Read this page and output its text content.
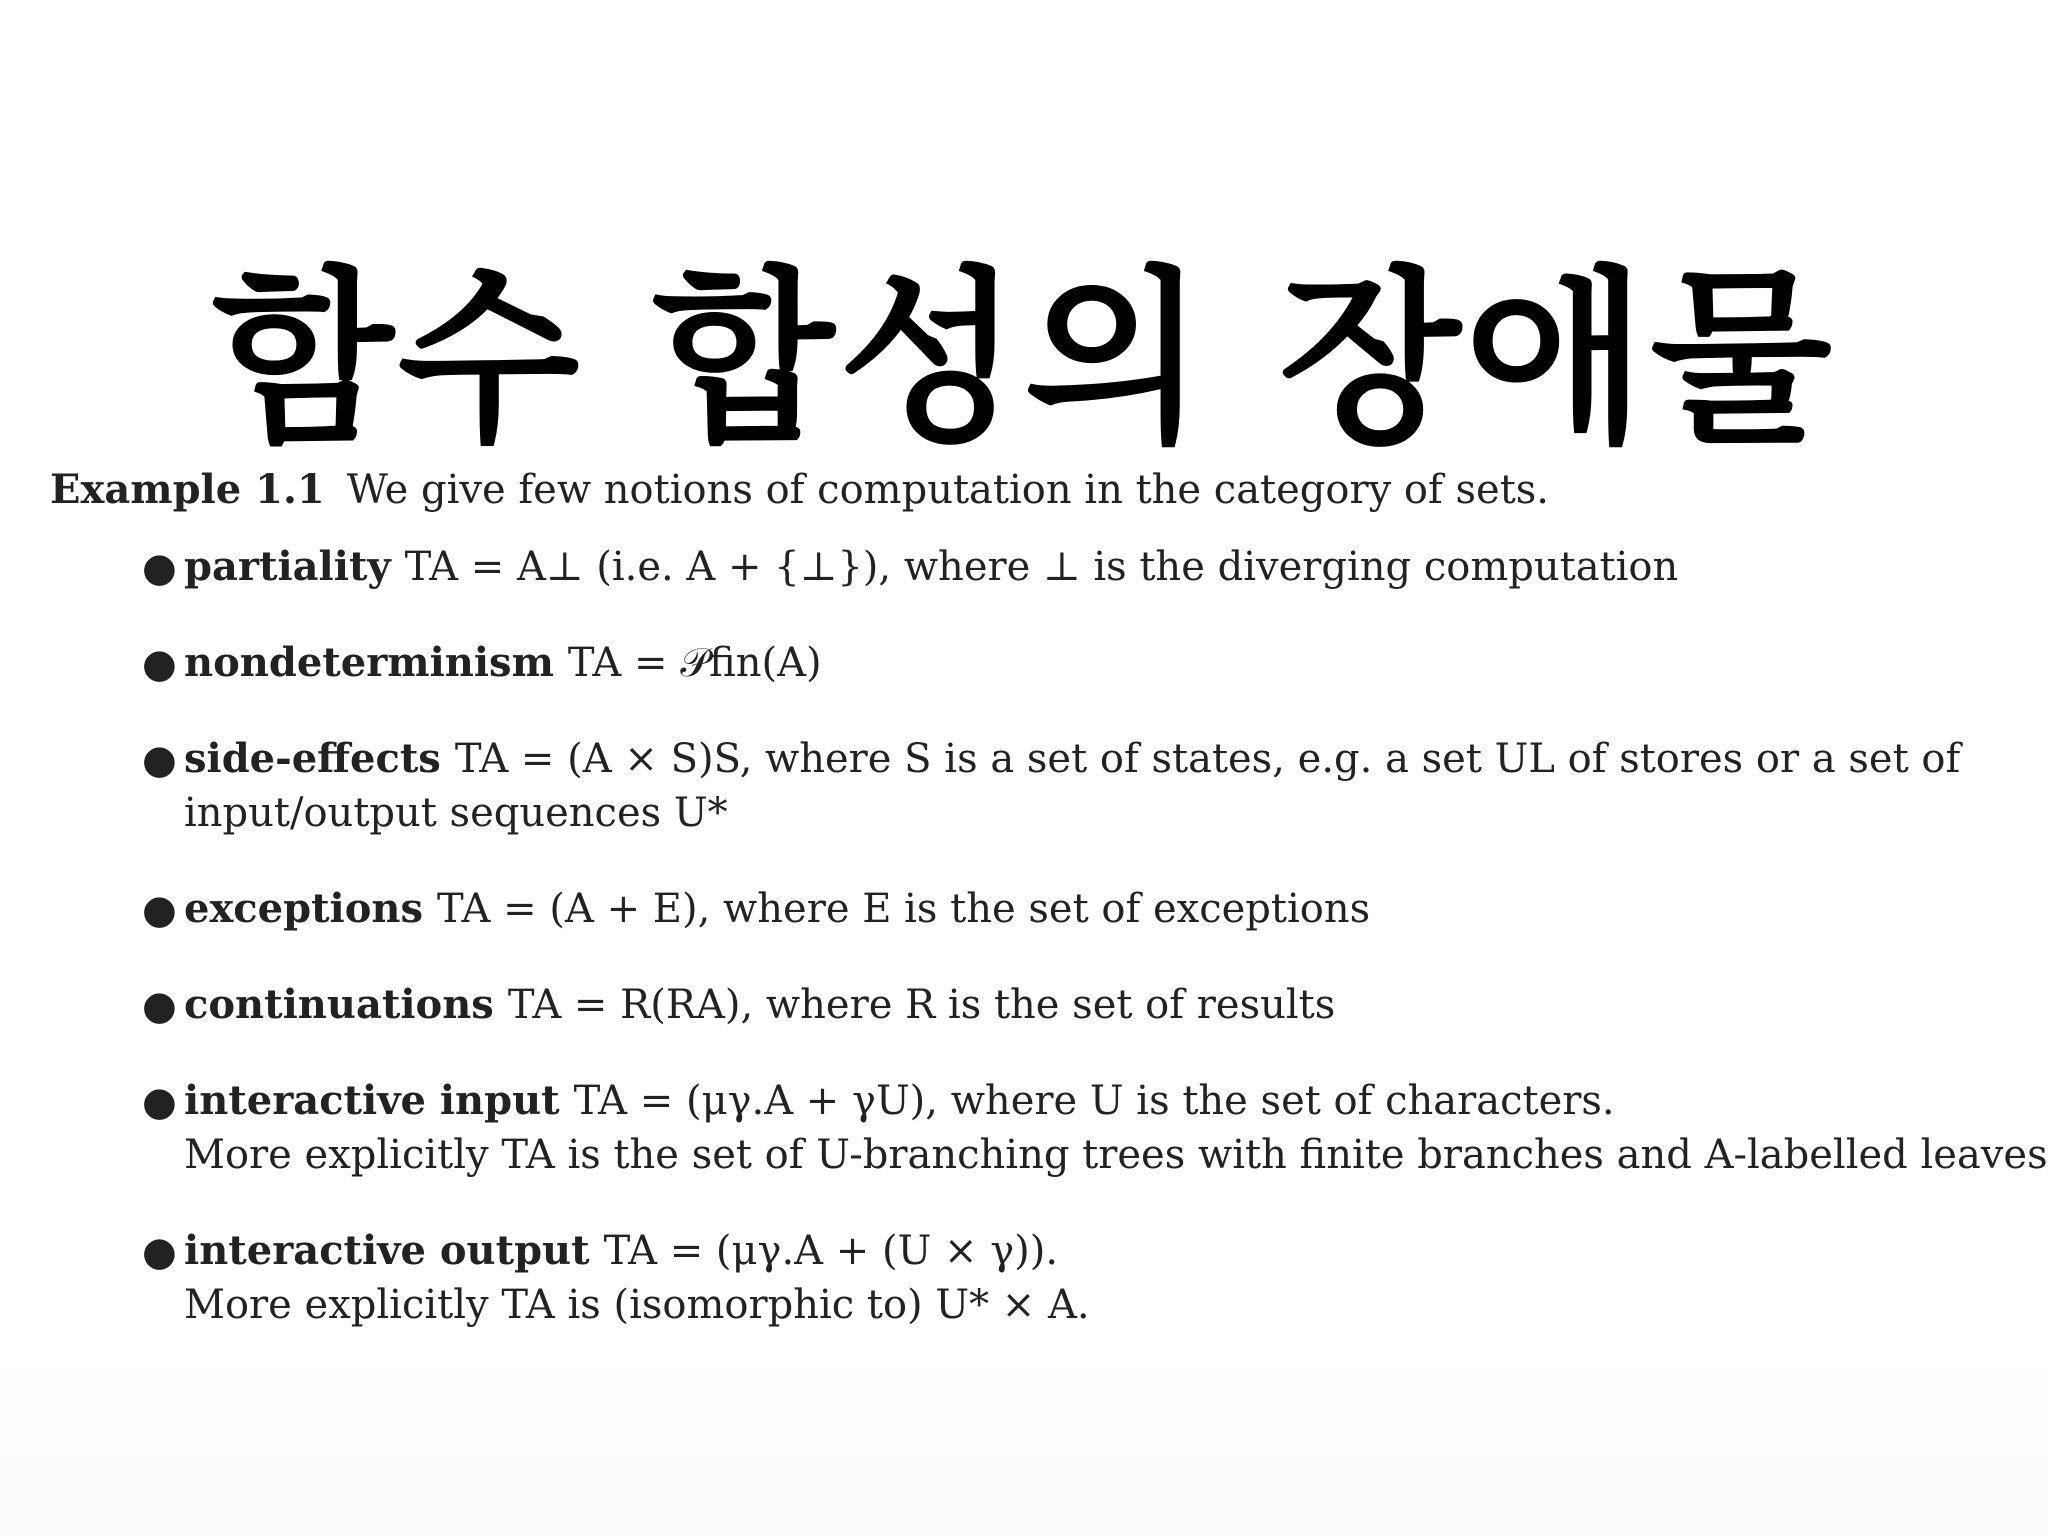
함수 합성의 장애물

Example 1.1 We give few notions of computation in the category of sets.

● partiality TA = A⊥ (i.e. A + {⊥}), where ⊥ is the diverging computation
● nondeterminism TA = 𝒫fin(A)
● side-effects TA = (A × S)S, where S is a set of states, e.g. a set UL of stores or a set of
input/output sequences U*
● exceptions TA = (A + E), where E is the set of exceptions
● continuations TA = R(RA), where R is the set of results
● interactive input TA = (μγ.A + γU), where U is the set of characters.
More explicitly TA is the set of U-branching trees with finite branches and A-labelled leaves
● interactive output TA = (μγ.A + (U × γ)).
More explicitly TA is (isomorphic to) U* × A.
